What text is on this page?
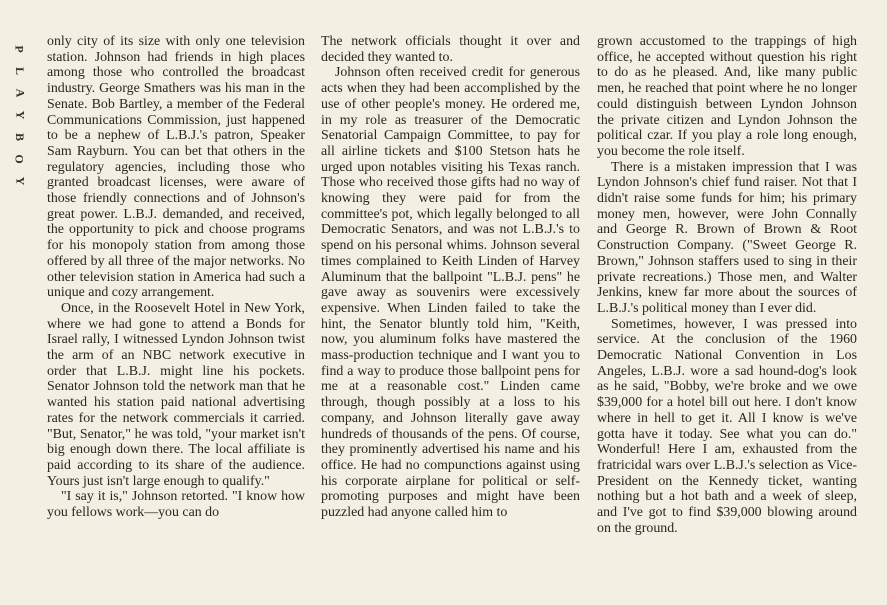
P
L
A
Y
B
O
Y

only city of its size with only one television station. Johnson had friends in high places among those who controlled the broadcast industry. George Smathers was his man in the Senate. Bob Bartley, a member of the Federal Communications Commission, just happened to be a nephew of L.B.J.'s patron, Speaker Sam Rayburn. You can bet that others in the regulatory agencies, including those who granted broadcast licenses, were aware of those friendly connections and of Johnson's great power. L.B.J. demanded, and received, the opportunity to pick and choose programs for his monopoly station from among those offered by all three of the major networks. No other television station in America had such a unique and cozy arrangement.

Once, in the Roosevelt Hotel in New York, where we had gone to attend a Bonds for Israel rally, I witnessed Lyndon Johnson twist the arm of an NBC network executive in order that L.B.J. might line his pockets. Senator Johnson told the network man that he wanted his station paid national advertising rates for the network commercials it carried. "But, Senator," he was told, "your market isn't big enough down there. The local affiliate is paid according to its share of the audience. Yours just isn't large enough to qualify."

"I say it is," Johnson retorted. "I know how you fellows work—you can do

The network officials thought it over and decided they wanted to.

Johnson often received credit for generous acts when they had been accomplished by the use of other people's money. He ordered me, in my role as treasurer of the Democratic Senatorial Campaign Committee, to pay for all airline tickets and $100 Stetson hats he urged upon notables visiting his Texas ranch. Those who received those gifts had no way of knowing they were paid for from the committee's pot, which legally belonged to all Democratic Senators, and was not L.B.J.'s to spend on his personal whims. Johnson several times complained to Keith Linden of Harvey Aluminum that the ballpoint "L.B.J. pens" he gave away as souvenirs were excessively expensive. When Linden failed to take the hint, the Senator bluntly told him, "Keith, now, you aluminum folks have mastered the mass-production technique and I want you to find a way to produce those ballpoint pens for me at a reasonable cost." Linden came through, though possibly at a loss to his company, and Johnson literally gave away hundreds of thousands of the pens. Of course, they prominently advertised his name and his office. He had no compunctions against using his corporate airplane for political or self-promoting purposes and might have been puzzled had anyone called him to

grown accustomed to the trappings of high office, he accepted without question his right to do as he pleased. And, like many public men, he reached that point where he no longer could distinguish between Lyndon Johnson the private citizen and Lyndon Johnson the political czar. If you play a role long enough, you become the role itself.

There is a mistaken impression that I was Lyndon Johnson's chief fund raiser. Not that I didn't raise some funds for him; his primary money men, however, were John Connally and George R. Brown of Brown & Root Construction Company. ("Sweet George R. Brown," Johnson staffers used to sing in their private recreations.) Those men, and Walter Jenkins, knew far more about the sources of L.B.J.'s political money than I ever did.

Sometimes, however, I was pressed into service. At the conclusion of the 1960 Democratic National Convention in Los Angeles, L.B.J. wore a sad hound-dog's look as he said, "Bobby, we're broke and we owe $39,000 for a hotel bill out here. I don't know where in hell to get it. All I know is we've gotta have it today. See what you can do." Wonderful! Here I am, exhausted from the fratricidal wars over L.B.J.'s selection as Vice-President on the Kennedy ticket, wanting nothing but a hot bath and a week of sleep, and I've got to find $39,000 blowing around on the ground.
